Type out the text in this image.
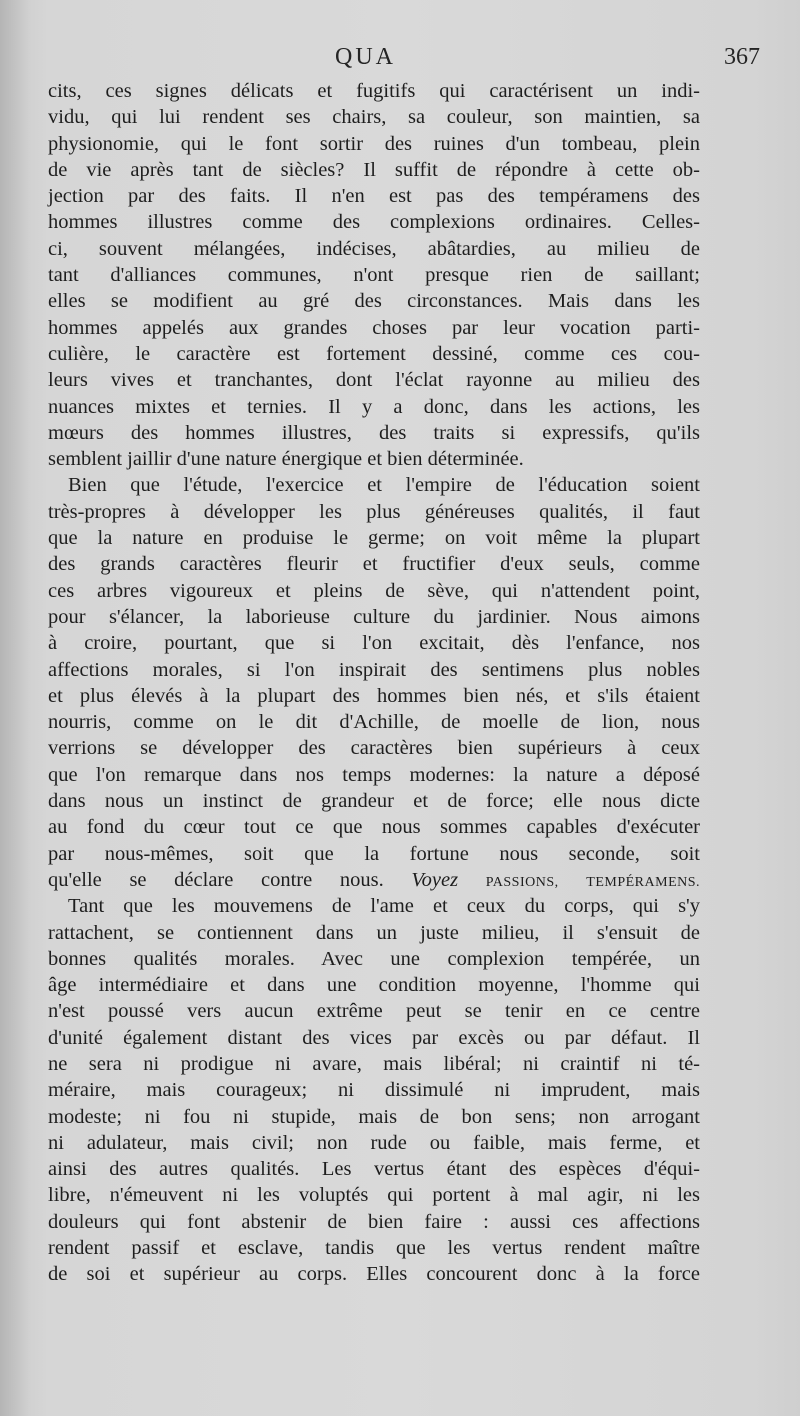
QUA	367
cits, ces signes délicats et fugitifs qui caractérisent un indi-
vidu, qui lui rendent ses chairs, sa couleur, son maintien, sa
physionomie, qui le font sortir des ruines d'un tombeau, plein
de vie après tant de siècles? Il suffit de répondre à cette ob-
jection par des faits. Il n'en est pas des tempéramens des
hommes illustres comme des complexions ordinaires. Celles-
ci, souvent mélangées, indécises, abâtardies, au milieu de
tant d'alliances communes, n'ont presque rien de saillant;
elles se modifient au gré des circonstances. Mais dans les
hommes appelés aux grandes choses par leur vocation parti-
culière, le caractère est fortement dessiné, comme ces cou-
leurs vives et tranchantes, dont l'éclat rayonne au milieu des
nuances mixtes et ternies. Il y a donc, dans les actions, les
mœurs des hommes illustres, des traits si expressifs, qu'ils
semblent jaillir d'une nature énergique et bien déterminée.
Bien que l'étude, l'exercice et l'empire de l'éducation soient
très-propres à développer les plus généreuses qualités, il faut
que la nature en produise le germe; on voit même la plupart
des grands caractères fleurir et fructifier d'eux seuls, comme
ces arbres vigoureux et pleins de sève, qui n'attendent point,
pour s'élancer, la laborieuse culture du jardinier. Nous aimons
à croire, pourtant, que si l'on excitait, dès l'enfance, nos
affections morales, si l'on inspirait des sentimens plus nobles
et plus élevés à la plupart des hommes bien nés, et s'ils étaient
nourris, comme on le dit d'Achille, de moelle de lion, nous
verrions se développer des caractères bien supérieurs à ceux
que l'on remarque dans nos temps modernes: la nature a déposé
dans nous un instinct de grandeur et de force; elle nous dicte
au fond du cœur tout ce que nous sommes capables d'exécuter
par nous-mêmes, soit que la fortune nous seconde, soit
qu'elle se déclare contre nous. Voyez PASSIONS, TEMPÉRAMENS.
Tant que les mouvemens de l'ame et ceux du corps, qui s'y
rattachent, se contiennent dans un juste milieu, il s'ensuit de
bonnes qualités morales. Avec une complexion tempérée, un
âge intermédiaire et dans une condition moyenne, l'homme qui
n'est poussé vers aucun extrême peut se tenir en ce centre
d'unité également distant des vices par excès ou par défaut. Il
ne sera ni prodigue ni avare, mais libéral; ni craintif ni té-
méraire, mais courageux; ni dissimulé ni imprudent, mais
modeste; ni fou ni stupide, mais de bon sens; non arrogant
ni adulateur, mais civil; non rude ou faible, mais ferme, et
ainsi des autres qualités. Les vertus étant des espèces d'équi-
libre, n'émeuvent ni les voluptés qui portent à mal agir, ni les
douleurs qui font abstenir de bien faire : aussi ces affections
rendent passif et esclave, tandis que les vertus rendent maître
de soi et supérieur au corps. Elles concourent donc à la force
